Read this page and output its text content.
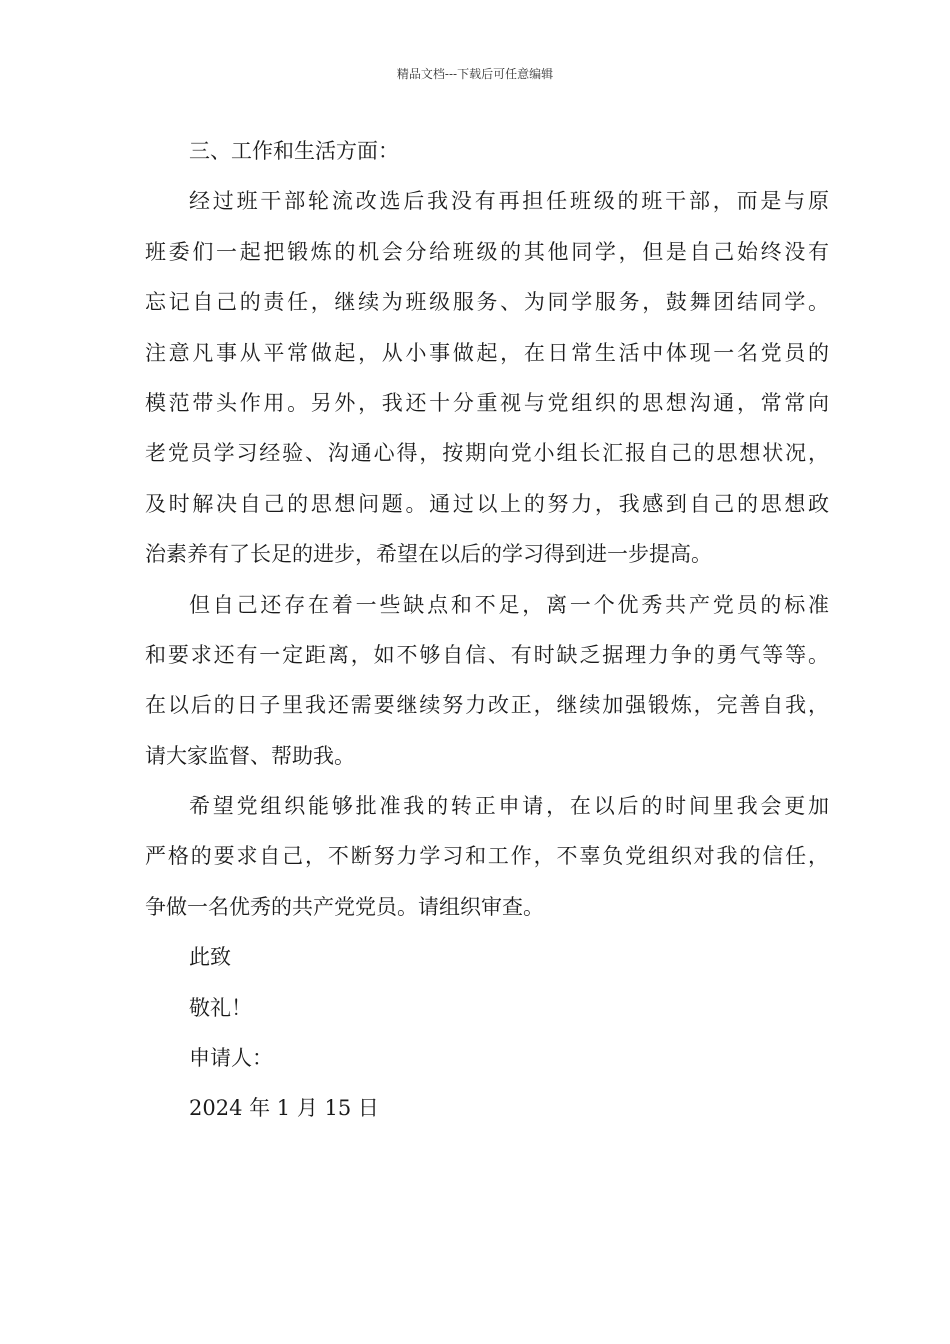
精品文档---下载后可任意编辑
三、工作和生活方面：
经过班干部轮流改选后我没有再担任班级的班干部，而是与原
班委们一起把锻炼的机会分给班级的其他同学，但是自己始终没有
忘记自己的责任，继续为班级服务、为同学服务，鼓舞团结同学。
注意凡事从平常做起，从小事做起，在日常生活中体现一名党员的
模范带头作用。另外，我还十分重视与党组织的思想沟通，常常向
老党员学习经验、沟通心得，按期向党小组长汇报自己的思想状况，
及时解决自己的思想问题。通过以上的努力，我感到自己的思想政
治素养有了长足的进步，希望在以后的学习得到进一步提高。
但自己还存在着一些缺点和不足，离一个优秀共产党员的标准
和要求还有一定距离，如不够自信、有时缺乏据理力争的勇气等等。
在以后的日子里我还需要继续努力改正，继续加强锻炼，完善自我，
请大家监督、帮助我。
希望党组织能够批准我的转正申请，在以后的时间里我会更加
严格的要求自己，不断努力学习和工作，不辜负党组织对我的信任，
争做一名优秀的共产党党员。请组织审查。
此致
敬礼！
申请人：
2024 年 1 月 15 日
